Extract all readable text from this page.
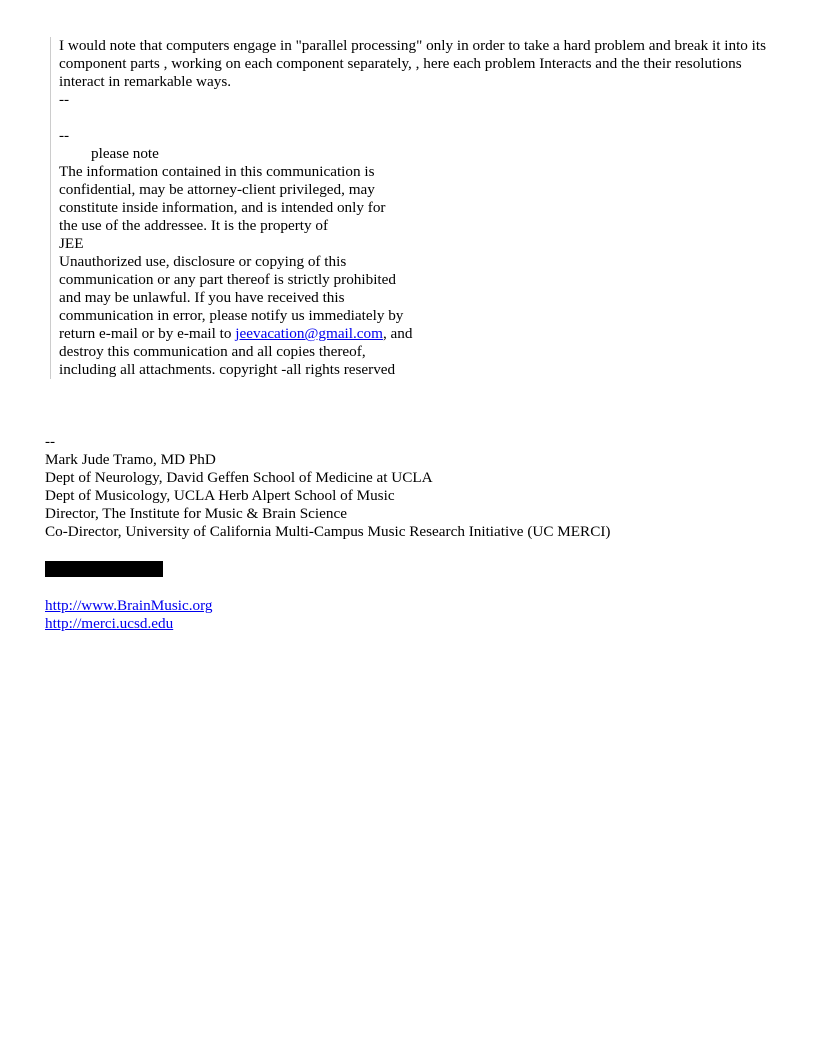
I would note that computers engage in "parallel processing" only in order to take a hard problem and break it into its component parts , working on each component separately, , here each problem Interacts and the their resolutions interact in remarkable ways.
--
--
please note
The information contained in this communication is
confidential, may be attorney-client privileged, may
constitute inside information, and is intended only for
the use of the addressee. It is the property of
JEE
Unauthorized use, disclosure or copying of this
communication or any part thereof is strictly prohibited
and may be unlawful. If you have received this
communication in error, please notify us immediately by
return e-mail or by e-mail to jeevacation@gmail.com, and
destroy this communication and all copies thereof,
including all attachments. copyright -all rights reserved
--
Mark Jude Tramo, MD PhD
Dept of Neurology, David Geffen School of Medicine at UCLA
Dept of Musicology, UCLA Herb Alpert School of Music
Director, The Institute for Music & Brain Science
Co-Director, University of California Multi-Campus Music Research Initiative (UC MERCI)
http://www.BrainMusic.org
http://merci.ucsd.edu
